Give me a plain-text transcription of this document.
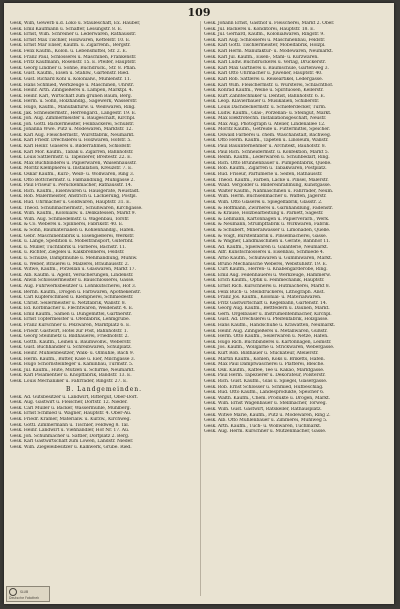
109
Gesk, Wilh, Gewerb u.d. Loko u. Stauleschaft, Ex. Hauber,
Gesk. Emil Kaufmann u. Schaffer, Lessingstr. 8. E.
Gesk. Ernst, Wilh. Schreiner u. Lederwaren, Rathausstr.
Gesk. Ernst Max Tischler, Holzwaren, Kettelstr. 10. E.
Gesk. Ernst Mar Eliser, Kaufm. u. Zigarrenh., Bergstr.
Gesk. Felix Kaufm., Kolon. u. Lebensmittel, Str. 2. E.
Gesk. Franz Paul, Schlosserei u. Maschinen, Frankenstr.
Gesk. Fritz Kaufmann, Rosenstr. 15. E. Pfeifer, Hauptstr.
Gesk. Georg Lindner u. Söhne, Buchdruck., Str. 8. Pflan.
Gesk. Gust. Kaufm., Eisen u. Stahlw., Gartenstr. Ried.
Gesk. Gust. Richard Kohl u. Kolonialw., Mühlenstr. 11.
Gesk. Hans Schmied, Werkzeuge u. Maschinen, Uhrstr.
Gesk. Heinr. Arth. Zinngießerei u. Lampen, Marktpl. 4.
Gesk. Heinr. Karl, Wirtschaft zum grünen Baum, Berg.
Gesk. Herm. u. Sohn, Holzhandlg., Sägewerk, Wasserstr.
Gesk. Hugo, Kaufm., Manufakturw. u. Weißwaren, Ring.
Gesk. Jak. Schneidermstr., Herrengard., Langestr. 19. E.
Gesk. Joh. Aug. Zimmermeister u. Baugeschäft, Kirchpl.
Gesk. Joh. Gottl. Bäckermeister, Feinbäckerei, Schulstr.
Gesk. Johanna Wwe. Putz u. Modewaren, Marktstr. 12.
Gesk. Karl Aug. Fleischermstr., Wurstfabrik, Neumarkt.
Gesk. Karl Friedr. Drechslerei u. Holzwaren, Hofstr. 5.
Gesk. Karl Heinr. Glaserei u. Bilderrahmen, Schloßstr.
Gesk. Karl Mor. Kaufm., Tabak u. Zigarren, Bahnhofstr.
Gesk. Louis Sattlermstr. u. Tapezierer, Breitestr. 22. E.
Gesk. Max Buchbinderei u. Papierwaren, Waisenhausstr.
Gesk. Moritz Klempnerei u. Installation, Kreuzstr. 7. E.
Gesk. Oskar Kaufm., Kurz-, Weiß- u. Wollwaren, Ring 3.
Gesk. Otto Böttchermstr. u. Faßhandlung, Mühlgasse 2.
Gesk. Paul Friseur u. Perückenmacher, Rathausstr. 14.
Gesk. Rich. Kaufm., Eisenwaren u. Hausgeräte, Neustadt.
Gesk. Rob. Malermeister, Anstrich u. Lackierung, Postpl.
Gesk. Rud. Uhrmacher u. Goldwaren, Hauptstr. 31. E.
Gesk. Theod. Schuhmachermstr., Schuhwaren, Kirchgasse.
Gesk. Wilh. Kaufm., Kolonialw. u. Delikatessen, Markt 9.
Gesk. Wilh. Aug. Schmiedemstr. u. Wagenbau, Torstr.
Gesk. & Co. Weberei u. Spinnerei, Fabrikstr. 40. E.
Gesk. & Sohn, Baumaterialien u. Kohlenhandlg., Hafen.
Gesk. Gebr. Maschinenfabrik u. Eisengießerei, Werkstr.
Gesk. u. Lange, Spedition u. Möbeltransport, Güterbhf.
Gesk. u. Müller, Tuchfabrik u. Färberei, Bachstr. 11.
Gesk. u. Richter, Ziegelei u. Kalkbrennerei, Feldstr.
Gesk. u. Schulze, Dampfmühle u. Mehlhandlung, Mühlw.
Gesk. u. Weber, Brauerei u. Mälzerei, Brauhausstr. 2.
Gesk. Witwe, Kaufm., Porzellan u. Glaswaren, Markt 17.
Gesk. Alb. Kaufm. u. Agent, Versicherungen, Lindenstr.
Gesk. Alwin Schlossermeister u. Bauschlosserei, Gasse.
Gesk. Aug. Fuhrwerksbesitzer u. Lohnkutscherei, Hof 3.
Gesk. Bernh. Kaufm., Drogen u. Farbwaren, Apothekenstr.
Gesk. Carl Kupferschmied u. Klempnerei, Schmiedestr.
Gesk. Christ. Seilermeister u. Netzfabrik, Wallstr. 8.
Gesk. Ed. Korbmacher u. Flechtwaren, Weidenstr. 4. E.
Gesk. Emil Kaufm., Samen u. Düngemittel, Gärtnerstr.
Gesk. Ernst Töpfermeister u. Ofenfabrik, Lehmgrube.
Gesk. Franz Kürschner u. Pelzwaren, Marktplatz 6. E.
Gesk. Friedr. Gastwirt, Hotel zur Post, Bahnhofstr. 1.
Gesk. Georg Steinmetz u. Bildhauerei, Friedhofstr. 2.
Gesk. Gotth. Kaufm., Leinen u. Baumwollw., Weberstr.
Gesk. Gust. Buchhändler u. Schreibwaren, Schulplatz.
Gesk. Heinr. Mühlenbesitzer, Walk- u. Ölmühle, Bach 9.
Gesk. Herm. Kaufm., Butter, Käse u. Eier, Milchgasse 3.
Gesk. Hugo Schornsteinfeger u. Kaminbau, Turmstr. 5.
Gesk. Jul. Kaufm., Hüte, Mützen u. Schirme, Neumarkt.
Gesk. Karl Posamentier u. Knopffabrik, Bandstr. 13. E.
Gesk. Louis Mechaniker u. Fahrräder, Ringstr. 27. E.
B. Landgemeinden.
Gesk. Ad. Gutsbesitzer u. Landwirt, Rittergut, Ober-Dorf.
Gesk. Aug. Gastwirt u. Fleischer, Dorfstr. 12. Nieder.
Gesk. Carl Müller u. Bäcker, Wassermühle, Mühlberg.
Gesk. Ernst Schmied u. Wagner, Hauptstr. 4. Ober-Au.
Gesk. Friedr. Krämer, Materialw. u. Kurzw., Kirchweg.
Gesk. Gottl. Zimmermann u. Tischler, Feldweg 8. Tal.
Gesk. Heinr. Landwirt u. Viehhändler, Hof Nr. 17. Au.
Gesk. Joh. Schuhmacher u. Sattler, Dorfplatz 2. Berg.
Gesk. Karl Gastwirtschaft zum Löwen, Landstr. Nieder.
Gesk. Wilh. Ziegeleibesitzer u. Kalkwerk, Grube. Ried.
Gesk. Johann Ernst, Gasthof u. Fleischerei, Markt 2. Ober.
Gesk. Jul. Bäckerei u. Konditorei, Hauptstr. 18. E.
Gesk. Jul. Gerhard, Kaufm., Kolonialwaren, Ringstr. 9.
Gesk. Karl Aug. Schlosserei u. Maschinenbau, Feldstr.
Gesk. Karl Gottl. Tischlermeister, Möbelfabrik, Holzpl.
Gesk. Karl Herm. Manufaktur- u. Modewaren, Neumarkt.
Gesk. Karl Jul. Kaufm., Eisen-, Stahl- u. Kurzwaren.
Gesk. Karl Ludw. Buchdruckerei u. Verlag, Druckerstr.
Gesk. Karl Max Gärtnerei u. Baumschule, Gartenweg 3.
Gesk. Karl Otto Uhrmacher u. Juwelier, Hauptstr. 40.
Gesk. Karl Rob. Sattlerei u. Reiseartikel, Ledergasse.
Gesk. Karl Wilh. Fleischermstr. u. Wursterei, Schlachthof.
Gesk. Konrad Kaufm., Weine u. Spirituosen, Kellerstr.
Gesk. Kurt Zahntechniker u. Dentist, Bahnhofstr. 6. E.
Gesk. Leop. Klavierbauer u. Musikalien, Schillerstr.
Gesk. Louis Dachdeckermstr. u. Schieferdecker, Turm.
Gesk. Ludw. Kaufm., Glas-, Porzellan- u. Steingut, Markt.
Gesk. Max Elektrotechn. Installationsgeschäft, Neustr.
Gesk. Max Aug. Photograph u. Atelier, Lindenallee 12.
Gesk. Moritz Kaufm., Getreide u. Futtermittel, Speicher.
Gesk. Oswald Färberei u. chem. Waschanstalt, Bachweg.
Gesk. Otto Herm. Kaufm., Tapeten u. Linoleum, Wallstr.
Gesk. Paul Bauunternehmer u. Architekt, Bauhofstr. 8.
Gesk. Paul Rich. Schneidermstr. u. Konfektion, Markt 5.
Gesk. Reinh. Kaufm., Lederwaren u. Schuhbedarf, Ring.
Gesk. Rich. Otto Brunnenbauer u. Pumpenfabrik, Quelle.
Gesk. Rob. Kaufm., Zigarren u. Tabakwaren, Postplatz.
Gesk. Rud. Friseur, Parfümerie u. Seifen, Rathausstr.
Gesk. Theod. Kaufm., Farben, Lacke u. Pinsel, Malerstr.
Gesk. Wald. Vergolder u. Bildereinrahmung, Kunstgasse.
Gesk. Walter Kaufm., Nähmaschinen u. Fahrräder, Neum.
Gesk. Wilh. Herm. Büchsenmacher u. Waffen, Jägerstr.
Gesk. Wilh. Otto Glaserei u. Spiegelfabrik, Glasstr. 2.
Gesk. & Hoffmann, Zwirnerei u. Garnhandlung, Fadenstr.
Gesk. & Krause, Holzbearbeitung u. Parkett, Sägestr.
Gesk. & Lehmann, Kartonnagen u. Papierverarb., Werk.
Gesk. & Neumann, Strumpffabrik u. Wirkwaren, Fabrik.
Gesk. & Schubert, Mineralwasser u. Limonaden, Quelle.
Gesk. & Voigt, Bürstenfabrik u. Pinselmacherei, Gasse.
Gesk. & Wagner, Landmaschinen u. Geräte, Bahnhof 11.
Gesk. Ad. Kaufm., Spielwaren u. Galanterie, Neumarkt.
Gesk. Alfr. Kunstschlosserei u. Eisenbau, Schmiede 4.
Gesk. Arno Kaufm., Schuhwaren u. Gummiwaren, Markt.
Gesk. Bruno Mechanische Weberei, Webstuhlstr. 19. E.
Gesk. Curt Kaufm., Herren- u. Knabengarderobe, Ring.
Gesk. Emil Aug. Feilenhauerei u. Werkzeuge, Hammerw.
Gesk. Erich Kaufm., Optik u. Feinmechanik, Hauptstr.
Gesk. Ernst Rich. Kürschnerei u. Hutmacherei, Markt 8.
Gesk. Felix Buch- u. Steindruckerei, Lithograph. Anst.
Gesk. Franz Jos. Kaufm., Kolonial- u. Materialwaren.
Gesk. Fritz Gastwirtschaft u. Kegelbahn, Gartenstr. 14.
Gesk. Georg Aug. Kaufm., Bettfedern u. Daunen, Markt.
Gesk. Gerh. Orgelbauer u. Instrumentenmacher, Kirchpl.
Gesk. Gust. Ad. Drechslerei u. Pfeifenfabrik, Holzgasse.
Gesk. Hans Kaufm., Handschuhe u. Krawatten, Neumarkt.
Gesk. Heinr. Aug. Zinngießerei u. Metallwaren, Gußstr.
Gesk. Herm. Otto Kaufm., Seilerwaren u. Netze, Hafen.
Gesk. Hugo Rich. Buchbinderei u. Kartonnagen, Leimstr.
Gesk. Jos. Kaufm., Wollgarne u. Strickwaren, Webergasse.
Gesk. Kurt Rob. Bildhauer u. Stuckateur, Atelierstr.
Gesk. Martin Kaufm., Kohlen, Koks u. Briketts, Hafen.
Gesk. Max Paul Dampfwäscherei u. Plätterei, Bleiche.
Gesk. Osk. Kaufm., Kaffee, Tee u. Kakao, Marktgasse.
Gesk. Paul Herm. Tapezierer u. Dekorateur, Polsterstr.
Gesk. Rich. Gust. Kaufm., Glas u. Spiegel, Glasergasse.
Gesk. Rob. Ernst Schlosser u. Schmied, Hufbeschlag.
Gesk. Rud. Otto Kaufm., Landesprodukte, Speicher 6.
Gesk. Walth. Kaufm., Chem. Produkte u. Drogen, Markt.
Gesk. Wilh. Ernst Wagenbauer u. Stellmacher, Torweg.
Gesk. Wilh. Gust. Gastwirt, Ratskeller, Rathausplatz.
Gesk. Witwe Marie, Kaufm., Putz u. Modewaren, Ring 2.
Gesk. Alb. Otto Mühlenbauer u. Zimmerei, Mühlweg 5.
Gesk. Arth. Kaufm., Tuch- u. Wollwaren, Tuchmarkt.
Gesk. Aug. Herm. Kürschner u. Mützenmacher, Gasse.
SLUB
Deutsche Fotothek
